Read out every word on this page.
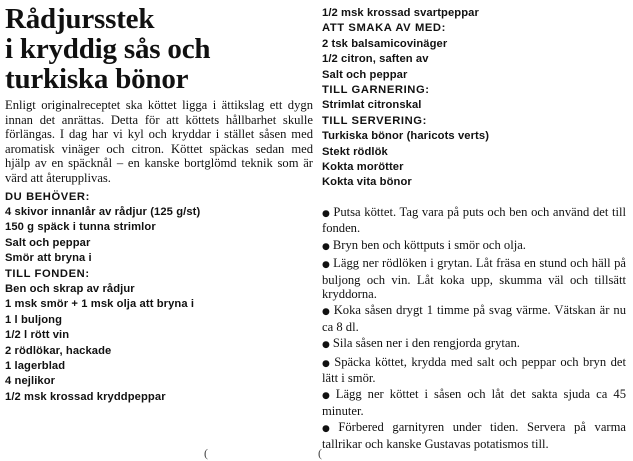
Rådjursstek
i kryddig sås och
turkiska bönor

Enligt originalreceptet ska köttet ligga i ättikslag ett dygn innan det anrättas. Detta för att köttets hållbarhet skulle förlängas. I dag har vi kyl och kryddar i stället såsen med aromatisk vinäger och citron. Köttet späckas sedan med hjälp av en späcknål – en kanske bortglömd teknik som är värd att återupplivas.

DU BEHÖVER:
4 skivor innanlår av rådjur (125 g/st)
150 g späck i tunna strimlor
Salt och peppar
Smör att bryna i
TILL FONDEN:
Ben och skrap av rådjur
1 msk smör + 1 msk olja att bryna i
1 l buljong
1/2 l rött vin
2 rödlökar, hackade
1 lagerblad
4 nejlikor
1/2 msk krossad kryddpeppar
1/2 msk krossad svartpeppar
ATT SMAKA AV MED:
2 tsk balsamicovinäger
1/2 citron, saften av
Salt och peppar
TILL GARNERING:
Strimlat citronskal
TILL SERVERING:
Turkiska bönor (haricots verts)
Stekt rödlök
Kokta morötter
Kokta vita bönor

● Putsa köttet. Tag vara på puts och ben och använd det till fonden.

● Bryn ben och köttputs i smör och olja.

● Lägg ner rödlöken i grytan. Låt fräsa en stund och häll på buljong och vin. Låt koka upp, skumma väl och tillsätt kryddorna.

● Koka såsen drygt 1 timme på svag värme. Vätskan är nu ca 8 dl.

● Sila såsen ner i den rengjorda grytan.

● Späcka köttet, krydda med salt och peppar och bryn det lätt i smör.

● Lägg ner köttet i såsen och låt det sakta sjuda ca 45 minuter.

● Förbered garnityren under tiden. Servera på varma tallrikar och kanske Gustavas potatismos till.

(	(
